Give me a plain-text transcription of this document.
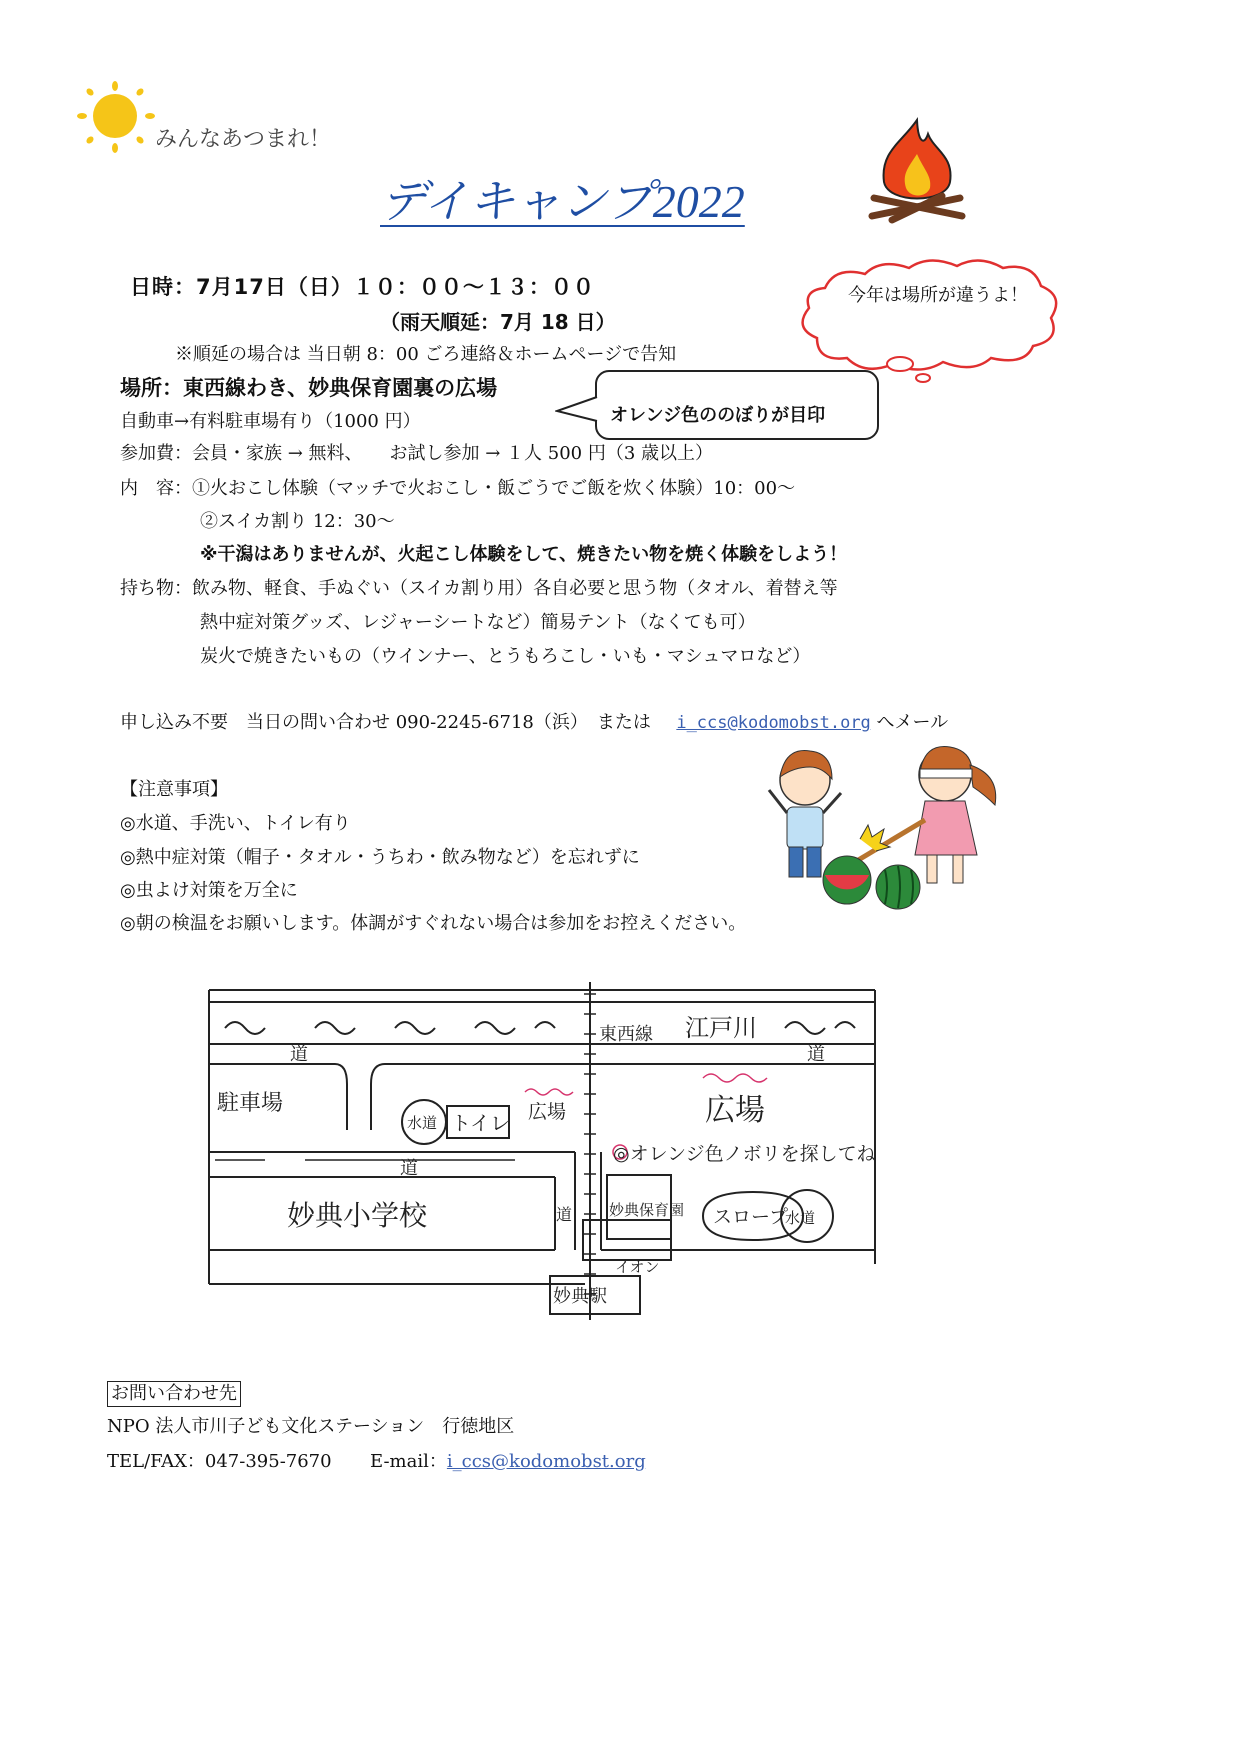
みんなあつまれ！
デイキャンプ2022
今年は場所が違うよ！
日時：7月17日（日）１０：００～１３：００
（雨天順延：7月 18 日）
※順延の場合は 当日朝 8：00 ごろ連絡＆ホームページで告知
場所：東西線わき、妙典保育園裏の広場
オレンジ色ののぼりが目印
自動車→有料駐車場有り（1000 円）
参加費：会員・家族 → 無料、　　お試し参加 → １人 500 円（3 歳以上）
内　容：①火おこし体験（マッチで火おこし・飯ごうでご飯を炊く体験）10：00～
②スイカ割り 12：30～
※干潟はありませんが、火起こし体験をして、焼きたい物を焼く体験をしよう！
持ち物：飲み物、軽食、手ぬぐい（スイカ割り用）各自必要と思う物（タオル、着替え等
熱中症対策グッズ、レジャーシートなど）簡易テント（なくても可）
炭火で焼きたいもの（ウインナー、とうもろこし・いも・マシュマロなど）
申し込み不要　当日の問い合わせ 090-2245-6718（浜）　または i_ccs@kodomobst.org へメール
【注意事項】
◎水道、手洗い、トイレ有り
◎熱中症対策（帽子・タオル・うちわ・飲み物など）を忘れずに
◎虫よけ対策を万全に
◎朝の検温をお願いします。体調がすぐれない場合は参加をお控えください。
江戸川
東西線
道	道
道
駐車場
水道 トイレ 広場	広場
◎オレンジ色ノボリを探してね
妙典小学校	道 妙典保育園 スロープ
水道
イオン
妙典駅
お問い合わせ先
NPO 法人市川子ども文化ステーション　行徳地区
TEL/FAX：047-395-7670 E-mail：i_ccs@kodomobst.org
